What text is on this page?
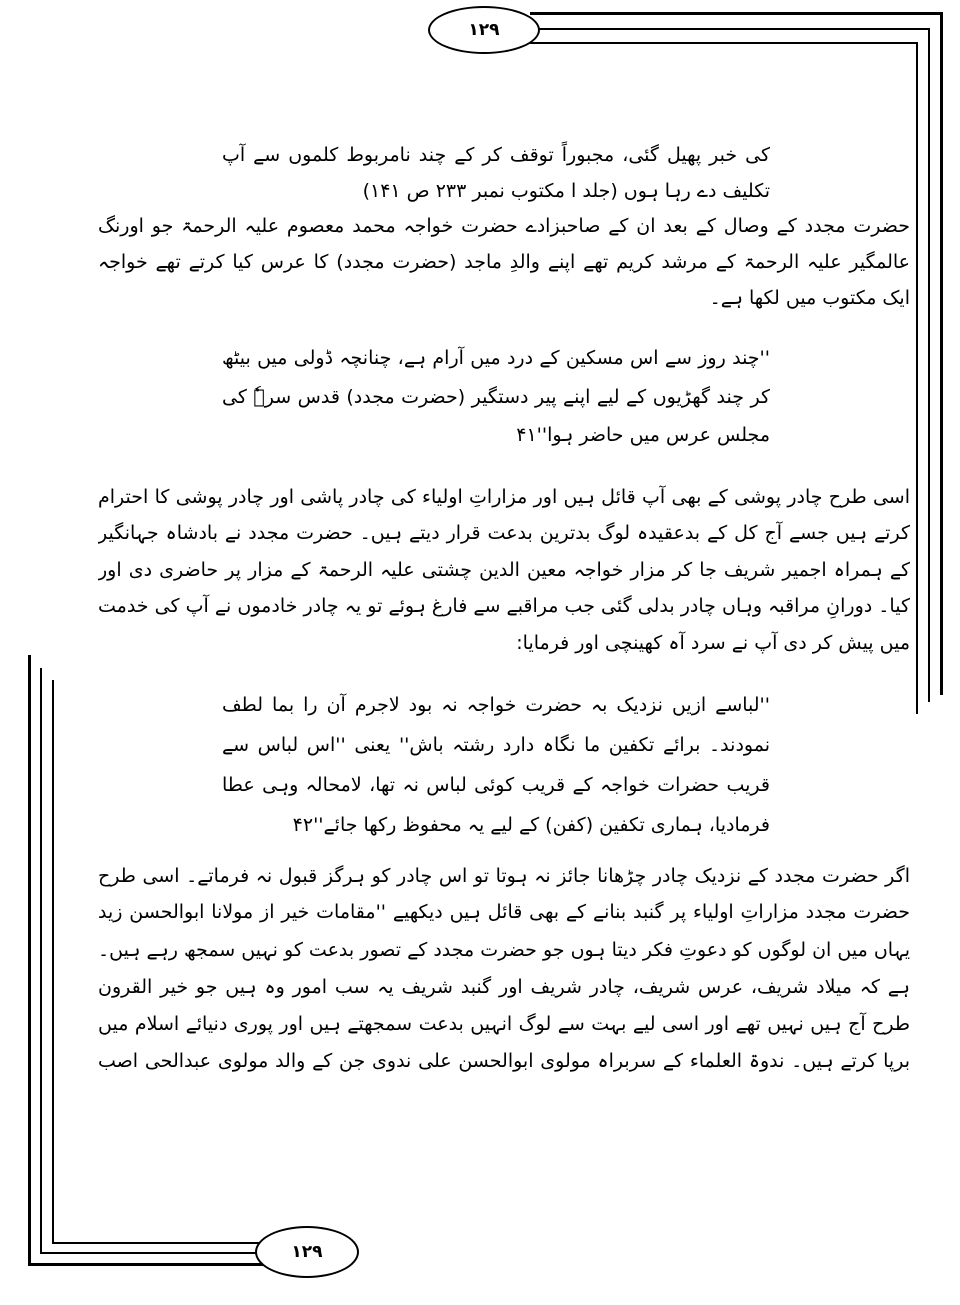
١٢٩
١٢٩
کی خبر پھیل گئی، مجبوراً توقف کر کے چند نامربوط کلموں سے آپ
تکلیف دے رہا ہوں (جلد ا مکتوب نمبر ۲۳۳ ص ۱۴۱)
حضرت مجدد کے وصال کے بعد ان کے صاحبزادے حضرت خواجہ محمد معصوم علیہ الرحمۃ جو اورنگ
عالمگیر علیہ الرحمۃ کے مرشد کریم تھے اپنے والدِ ماجد (حضرت مجدد) کا عرس کیا کرتے تھے خواجہ
ایک مکتوب میں لکھا ہے۔
''چند روز سے اس مسکین کے درد میں آرام ہے، چنانچہ ڈولی میں بیٹھ
کر چند گھڑیوں کے لیے اپنے پیر دستگیر (حضرت مجدد) قدس سرہٗ کی
مجلس عرس میں حاضر ہوا''۴۱
اسی طرح چادر پوشی کے بھی آپ قائل ہیں اور مزاراتِ اولیاء کی چادر پاشی اور چادر پوشی کا احترام
کرتے ہیں جسے آج کل کے بدعقیدہ لوگ بدترین بدعت قرار دیتے ہیں۔ حضرت مجدد نے بادشاہ جہانگیر
کے ہمراہ اجمیر شریف جا کر مزار خواجہ معین الدین چشتی علیہ الرحمۃ کے مزار پر حاضری دی اور
کیا۔ دورانِ مراقبہ وہاں چادر بدلی گئی جب مراقبے سے فارغ ہوئے تو یہ چادر خادموں نے آپ کی خدمت
میں پیش کر دی آپ نے سرد آہ کھینچی اور فرمایا:
''لباسے ازیں نزدیک بہ حضرت خواجہ نہ بود لاجرم آن را بما لطف
نمودند۔ برائے تکفین ما نگاہ دارد رشتہ باش'' یعنی ''اس لباس سے
قریب حضرات خواجہ کے قریب کوئی لباس نہ تھا، لامحالہ وہی عطا
فرمادیا، ہماری تکفین (کفن) کے لیے یہ محفوظ رکھا جائے''۴۲
اگر حضرت مجدد کے نزدیک چادر چڑھانا جائز نہ ہوتا تو اس چادر کو ہرگز قبول نہ فرماتے۔ اسی طرح
حضرت مجدد مزاراتِ اولیاء پر گنبد بنانے کے بھی قائل ہیں دیکھیے ''مقامات خیر از مولانا ابوالحسن زید
یہاں میں ان لوگوں کو دعوتِ فکر دیتا ہوں جو حضرت مجدد کے تصور بدعت کو نہیں سمجھ رہے ہیں۔
ہے کہ میلاد شریف، عرس شریف، چادر شریف اور گنبد شریف یہ سب امور وہ ہیں جو خیر القرون
طرح آج ہیں نہیں تھے اور اسی لیے بہت سے لوگ انہیں بدعت سمجھتے ہیں اور پوری دنیائے اسلام میں
برپا کرتے ہیں۔ ندوۃ العلماء کے سربراہ مولوی ابوالحسن علی ندوی جن کے والد مولوی عبدالحی اصب
